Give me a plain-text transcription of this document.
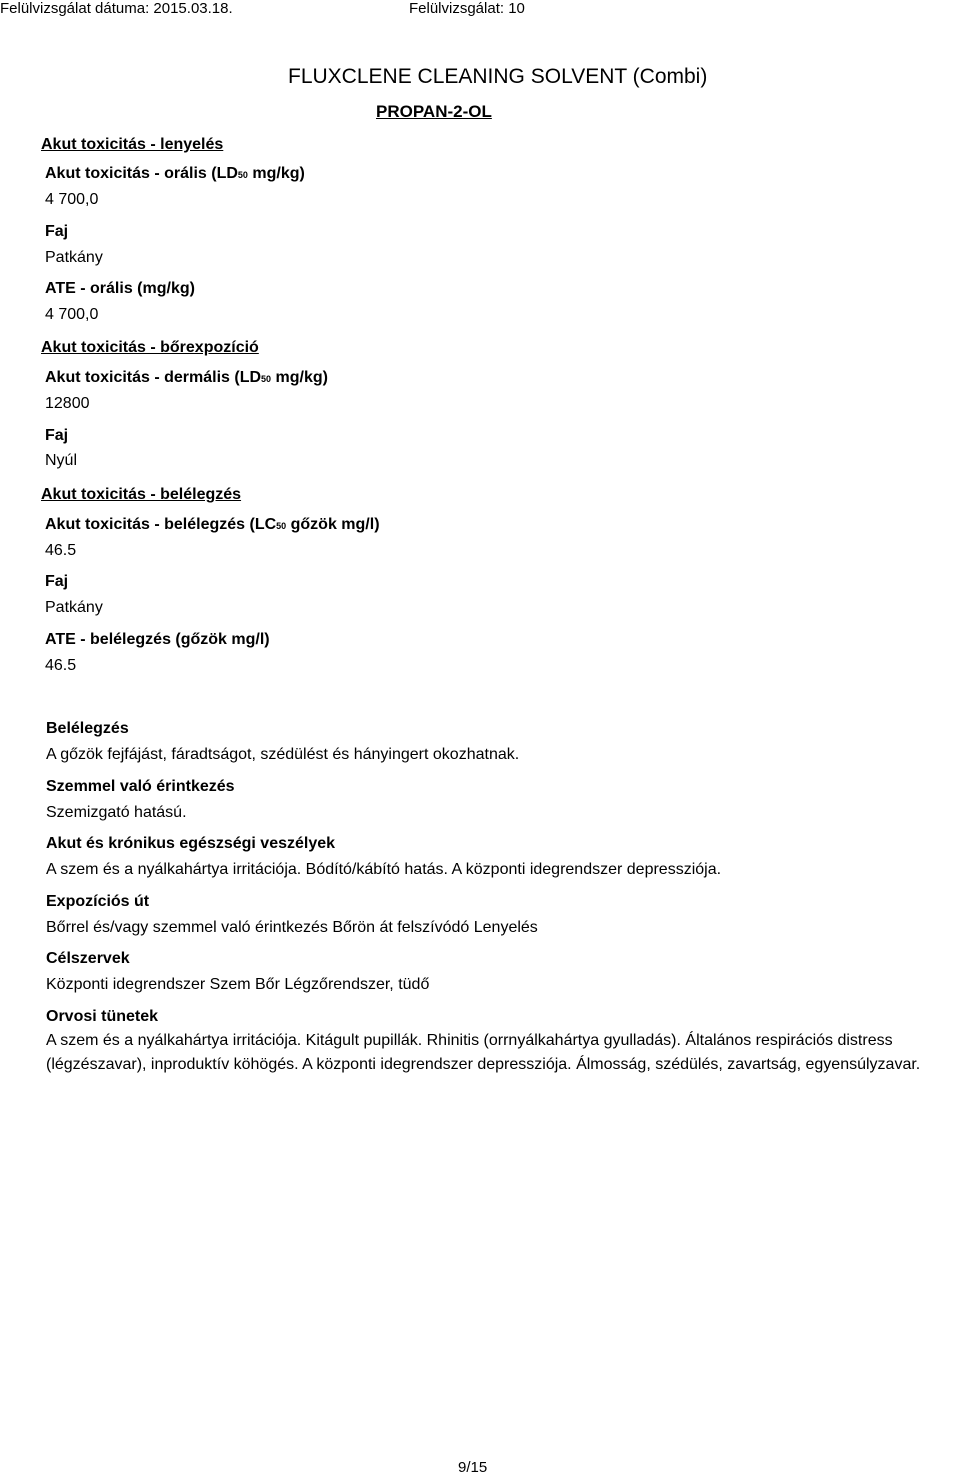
Felülvizsgálat dátuma: 2015.03.18.	Felülvizsgálat: 10
FLUXCLENE CLEANING SOLVENT (Combi)
PROPAN-2-OL
Akut toxicitás - lenyelés
Akut toxicitás - orális (LD50 mg/kg)
4 700,0
Faj
Patkány
ATE - orális (mg/kg)
4 700,0
Akut toxicitás - bőrexpozíció
Akut toxicitás - dermális (LD50 mg/kg)
12800
Faj
Nyúl
Akut toxicitás - belélegzés
Akut toxicitás - belélegzés (LC50 gőzök mg/l)
46.5
Faj
Patkány
ATE - belélegzés (gőzök mg/l)
46.5
Belélegzés
A gőzök fejfájást, fáradtságot, szédülést és hányingert okozhatnak.
Szemmel való érintkezés
Szemizgató hatású.
Akut és krónikus egészségi veszélyek
A szem és a nyálkahártya irritációja. Bódító/kábító hatás. A központi idegrendszer depressziója.
Expozíciós út
Bőrrel és/vagy szemmel való érintkezés Bőrön át felszívódó Lenyelés
Célszervek
Központi idegrendszer Szem Bőr Légzőrendszer, tüdő
Orvosi tünetek
A szem és a nyálkahártya irritációja. Kitágult pupillák. Rhinitis (orrnyálkahártya gyulladás). Általános respirációs distress (légzészavar), inproduktív köhögés. A központi idegrendszer depressziója. Álmosság, szédülés, zavartság, egyensúlyzavar.
9/15
